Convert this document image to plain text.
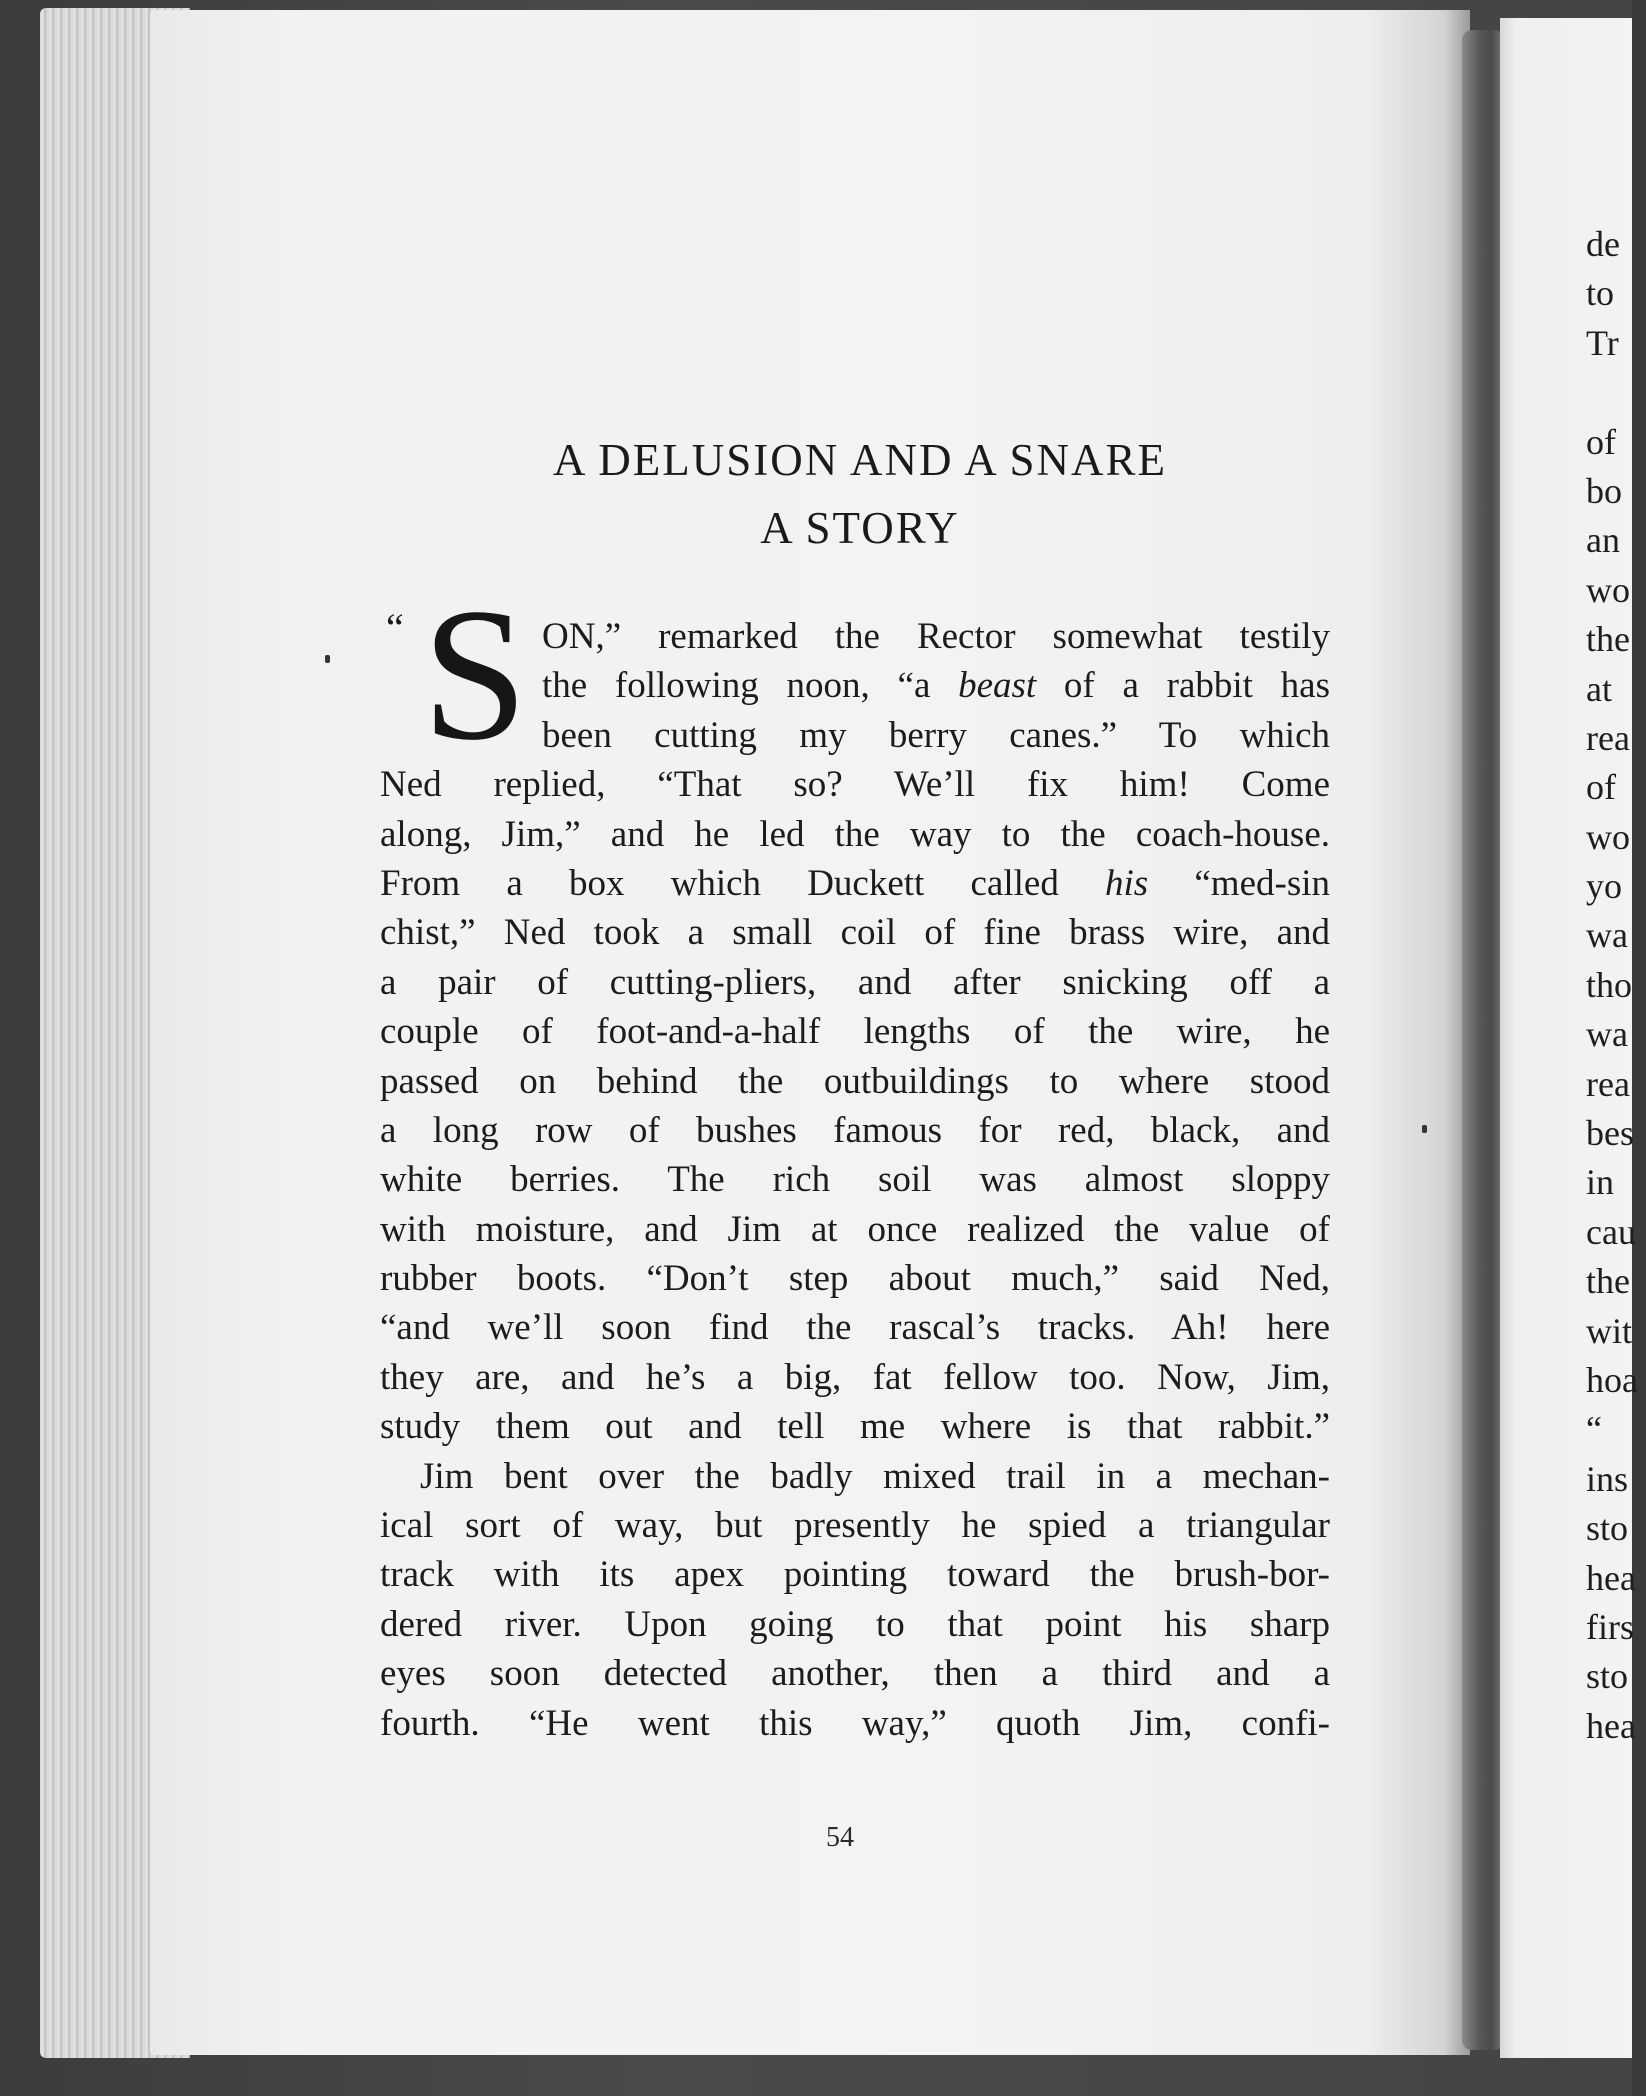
de
to
Tr
of
bo
an
wo
the
at
rea
of
wo
yo
wa
tho
wa
rea
bes
in
cau
the
wit
hoa
“
ins
sto
hea
firs
sto
hea
A DELUSION AND A SNARE
A STORY
“ S ON,” remarked the Rector somewhat testily
the following noon, “a beast of a rabbit has
been cutting my berry canes.” To which
Ned replied, “That so? We’ll fix him! Come
along, Jim,” and he led the way to the coach-house.
From a box which Duckett called his “med-sin
chist,” Ned took a small coil of fine brass wire, and
a pair of cutting-pliers, and after snicking off a
couple of foot-and-a-half lengths of the wire, he
passed on behind the outbuildings to where stood
a long row of bushes famous for red, black, and
white berries. The rich soil was almost sloppy
with moisture, and Jim at once realized the value of
rubber boots. “Don’t step about much,” said Ned,
“and we’ll soon find the rascal’s tracks. Ah! here
they are, and he’s a big, fat fellow too. Now, Jim,
study them out and tell me where is that rabbit.”
Jim bent over the badly mixed trail in a mechan-
ical sort of way, but presently he spied a triangular
track with its apex pointing toward the brush-bor-
dered river. Upon going to that point his sharp
eyes soon detected another, then a third and a
fourth. “He went this way,” quoth Jim, confi-
54
